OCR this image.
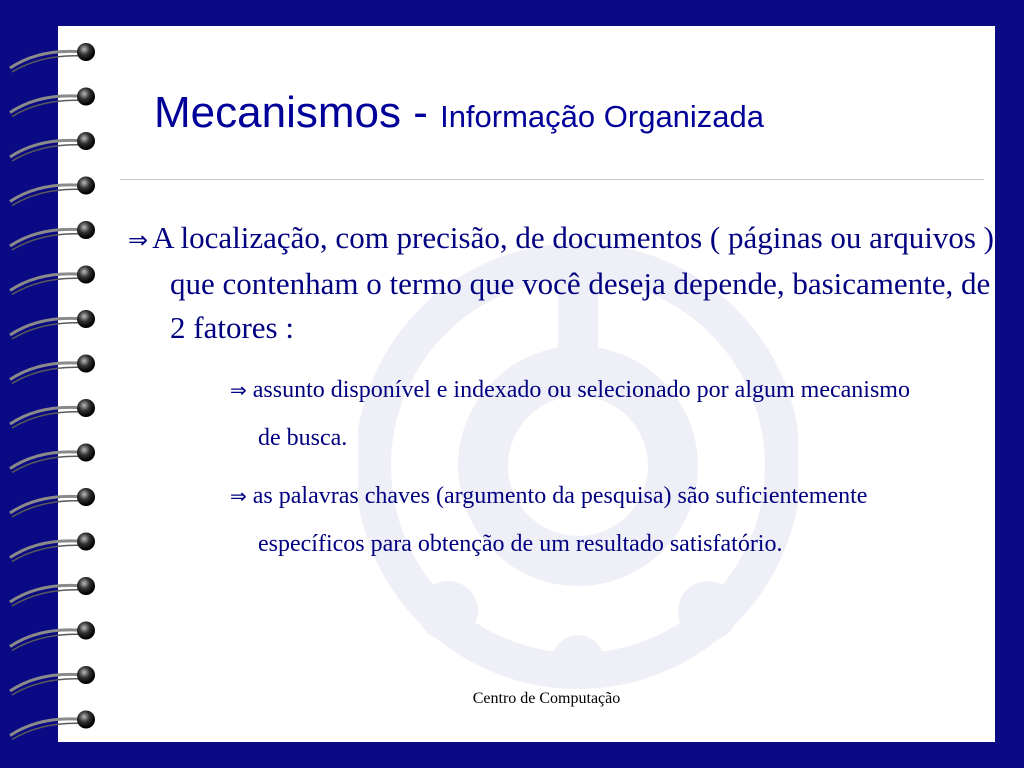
Mecanismos - Informação Organizada
⇒ A localização, com precisão, de documentos ( páginas ou arquivos ) que contenham o termo que você deseja depende, basicamente, de 2 fatores :
⇒ assunto disponível e indexado ou selecionado por algum mecanismo de busca.
⇒ as palavras chaves (argumento da pesquisa) são suficientemente específicos para obtenção de um resultado satisfatório.
Centro de Computação
